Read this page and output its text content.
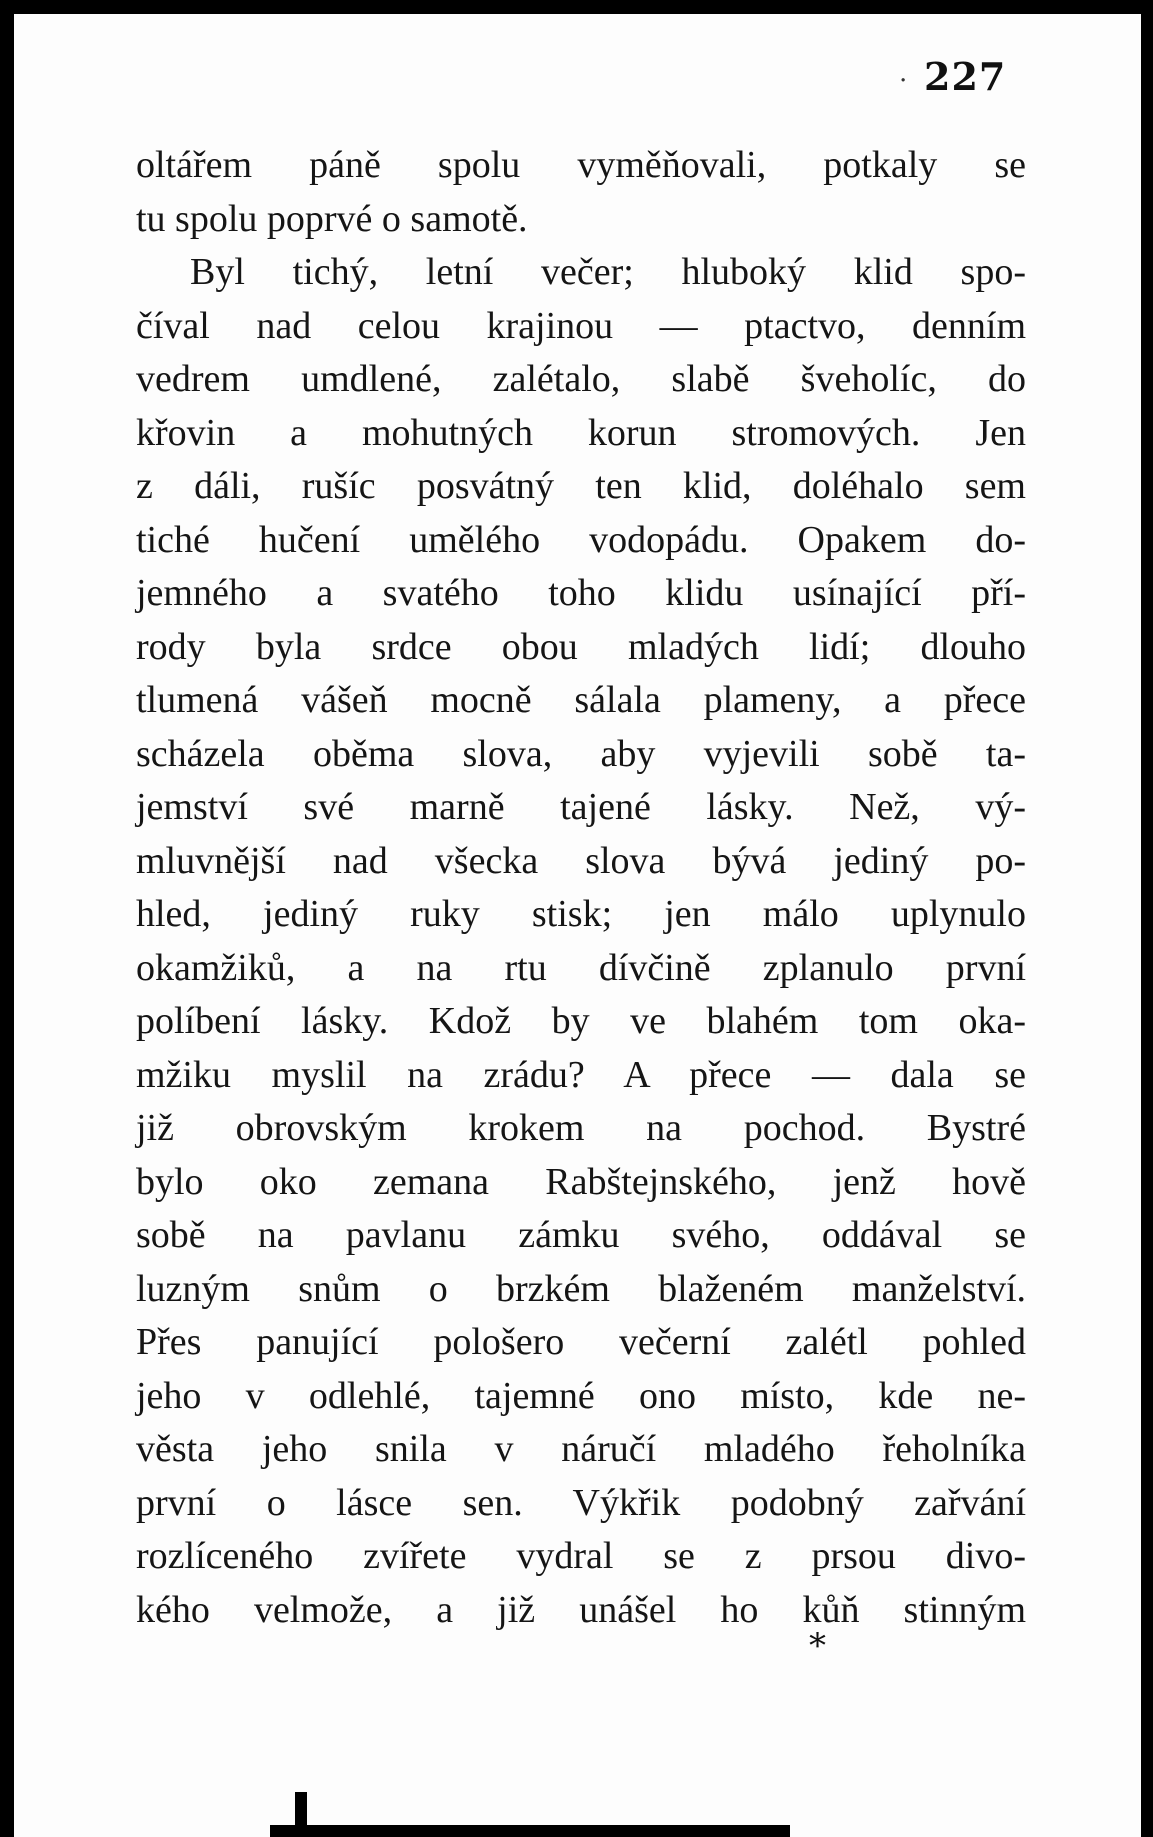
. 227
oltářem páně spolu vyměňovali, potkaly se
tu spolu poprvé o samotě.
Byl tichý, letní večer; hluboký klid spo-
číval nad celou krajinou — ptactvo, denním
vedrem umdlené, zalétalo, slabě šveholíc, do
křovin a mohutných korun stromových. Jen
z dáli, rušíc posvátný ten klid, doléhalo sem
tiché hučení umělého vodopádu. Opakem do-
jemného a svatého toho klidu usínající pří-
rody byla srdce obou mladých lidí; dlouho
tlumená vášeň mocně sálala plameny, a přece
scházela oběma slova, aby vyjevili sobě ta-
jemství své marně tajené lásky. Než, vý-
mluvnější nad všecka slova bývá jediný po-
hled, jediný ruky stisk; jen málo uplynulo
okamžiků, a na rtu dívčině zplanulo první
políbení lásky. Kdož by ve blahém tom oka-
mžiku myslil na zrádu? A přece — dala se
již obrovským krokem na pochod. Bystré
bylo oko zemana Rabštejnského, jenž hově
sobě na pavlanu zámku svého, oddával se
luzným snům o brzkém blaženém manželství.
Přes panující pološero večerní zalétl pohled
jeho v odlehlé, tajemné ono místo, kde ne-
věsta jeho snila v náručí mladého řeholníka
první o lásce sen. Výkřik podobný zařvání
rozlíceného zvířete vydral se z prsou divo-
kého velmože, a již unášel ho kůň stinným
*
